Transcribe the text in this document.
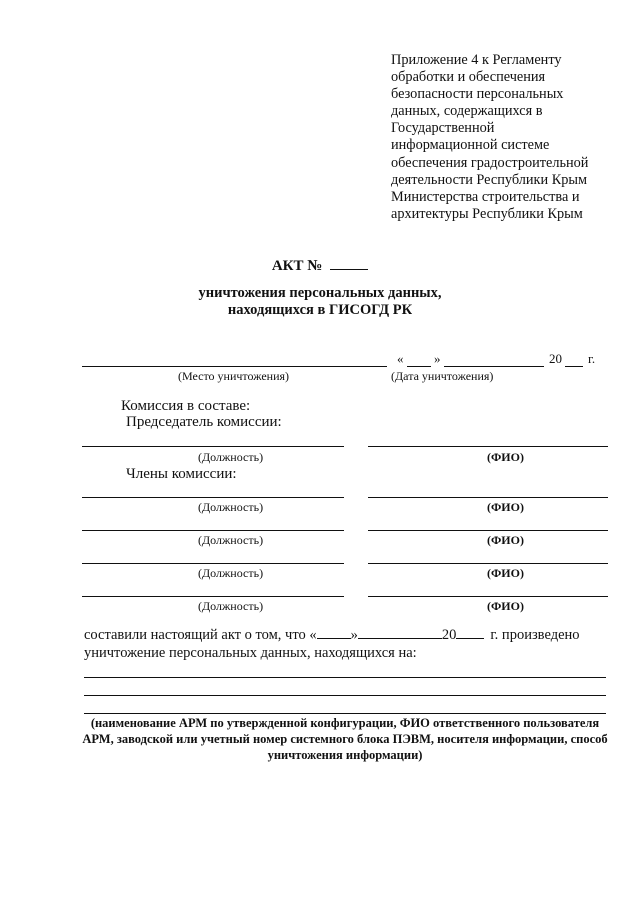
Приложение 4 к Регламенту
обработки и обеспечения
безопасности персональных
данных, содержащихся в
Государственной
информационной системе
обеспечения градостроительной
деятельности Республики Крым
Министерства строительства и
архитектуры Республики Крым
АКТ №
уничтожения персональных данных,
находящихся в ГИСОГД РК
« »	20 г.
(Место уничтожения)	(Дата уничтожения)
Комиссия в составе:
Председатель комиссии:
(Должность)	(ФИО)
Члены комиссии:
(Должность)	(ФИО)
(Должность)	(ФИО)
(Должность)	(ФИО)
(Должность)	(ФИО)
составили настоящий акт о том, что « »	20 г. произведено
уничтожение персональных данных, находящихся на:
(наименование АРМ по утвержденной конфигурации, ФИО ответственного пользователя АРМ, заводской или учетный номер системного блока ПЭВМ, носителя информации, способ уничтожения информации)
